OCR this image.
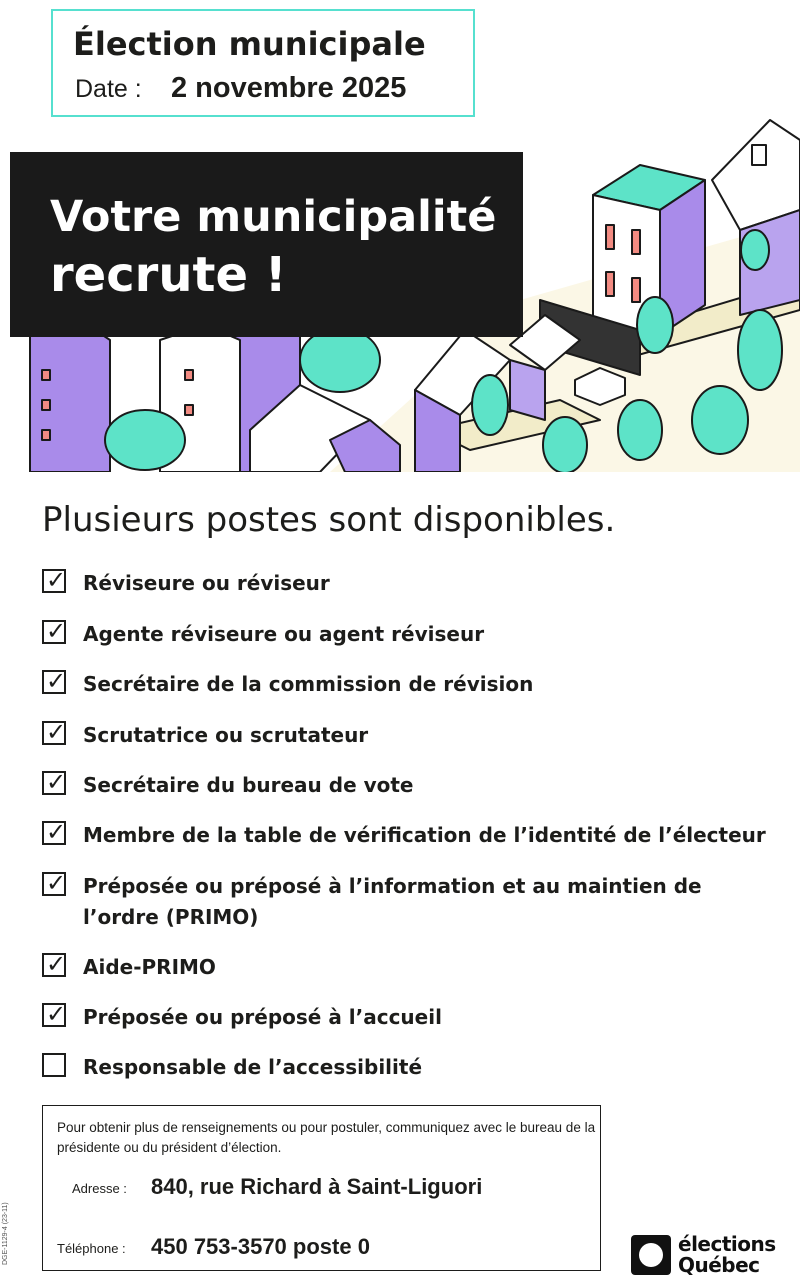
Élection municipale
Date : 2 novembre 2025
Votre municipalité
recrute !
Plusieurs postes sont disponibles.
✓ Réviseure ou réviseur
✓ Agente réviseure ou agent réviseur
✓ Secrétaire de la commission de révision
✓ Scrutatrice ou scrutateur
✓ Secrétaire du bureau de vote
✓ Membre de la table de vérification de l’identité de l’électeur
✓ Préposée ou préposé à l’information et au maintien de l’ordre (PRIMO)
✓ Aide-PRIMO
✓ Préposée ou préposé à l’accueil
Responsable de l’accessibilité
Pour obtenir plus de renseignements ou pour postuler, communiquez avec le bureau de la présidente ou du président d’élection.
Adresse : 840, rue Richard à Saint-Liguori
Téléphone : 450 753-3570 poste 0
DGE-1129-4 (23-11)	élections
Québec
